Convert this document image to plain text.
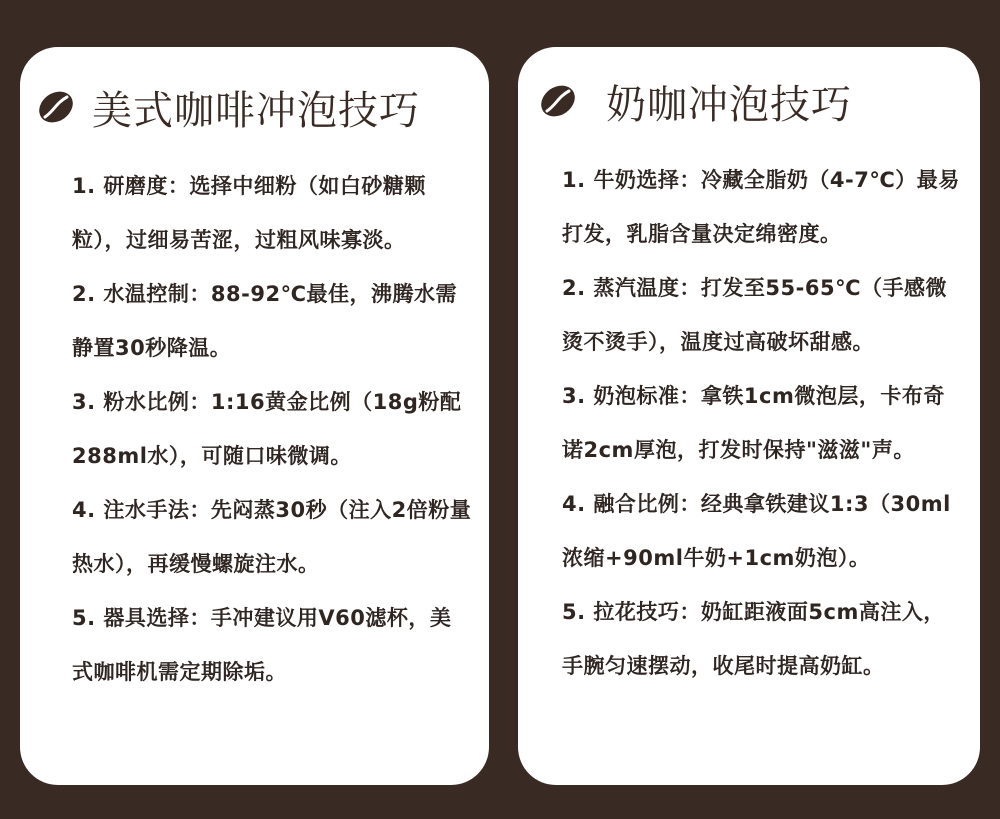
美式咖啡冲泡技巧
1. 研磨度：选择中细粉（如白砂糖颗粒），过细易苦涩，过粗风味寡淡。
2. 水温控制：88-92℃最佳，沸腾水需静置30秒降温。
3. 粉水比例：1:16黄金比例（18g粉配288ml水），可随口味微调。
4. 注水手法：先闷蒸30秒（注入2倍粉量热水），再缓慢螺旋注水。
5. 器具选择：手冲建议用V60滤杯，美式咖啡机需定期除垢。
奶咖冲泡技巧
1. 牛奶选择：冷藏全脂奶（4-7℃）最易打发，乳脂含量决定绵密度。
2. 蒸汽温度：打发至55-65℃（手感微烫不烫手），温度过高破坏甜感。
3. 奶泡标准：拿铁1cm微泡层，卡布奇诺2cm厚泡，打发时保持"滋滋"声。
4. 融合比例：经典拿铁建议1:3（30ml浓缩+90ml牛奶+1cm奶泡）。
5. 拉花技巧：奶缸距液面5cm高注入，手腕匀速摆动，收尾时提高奶缸。
